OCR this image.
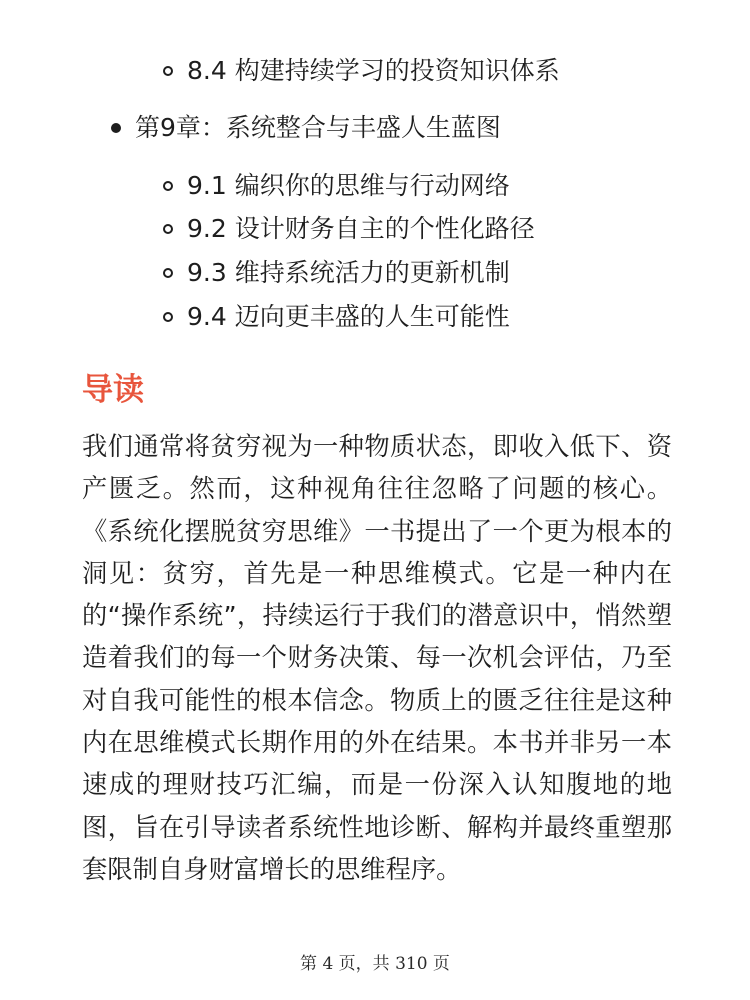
8.4 构建持续学习的投资知识体系
第9章：系统整合与丰盛人生蓝图
9.1 编织你的思维与行动网络
9.2 设计财务自主的个性化路径
9.3 维持系统活力的更新机制
9.4 迈向更丰盛的人生可能性
导读
我们通常将贫穷视为一种物质状态，即收入低下、资产匮乏。然而，这种视角往往忽略了问题的核心。《系统化摆脱贫穷思维》一书提出了一个更为根本的洞见：贫穷，首先是一种思维模式。它是一种内在的“操作系统”，持续运行于我们的潜意识中，悄然塑造着我们的每一个财务决策、每一次机会评估，乃至对自我可能性的根本信念。物质上的匮乏往往是这种内在思维模式长期作用的外在结果。本书并非另一本速成的理财技巧汇编，而是一份深入认知腹地的地图，旨在引导读者系统性地诊断、解构并最终重塑那套限制自身财富增长的思维程序。
第 4 页，共 310 页
